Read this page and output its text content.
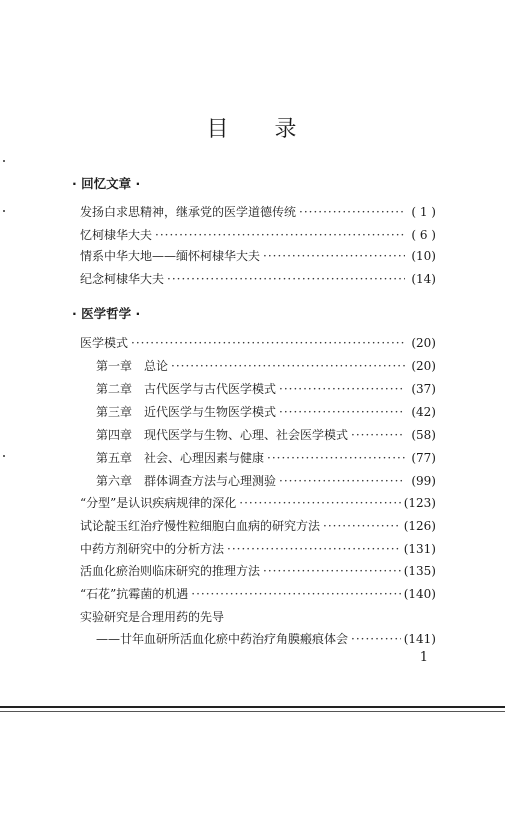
目 录
· 回忆文章 ·
发扬白求思精神，继承党的医学道德传统 ·····	( 1 )
忆柯棣华大夫 ·····	( 6 )
情系中华大地——缅怀柯棣华大夫 ·····	(10)
纪念柯棣华大夫 ·····	(14)
· 医学哲学 ·
医学模式 ·····	(20)
第一章 总论 ·····	(20)
第二章 古代医学与古代医学模式 ·····	(37)
第三章 近代医学与生物医学模式 ·····	(42)
第四章 现代医学与生物、心理、社会医学模式 ·····	(58)
第五章 社会、心理因素与健康 ·····	(77)
第六章 群体调查方法与心理测验 ·····	(99)
“分型”是认识疾病规律的深化 ·····	(123)
试论靛玉红治疗慢性粒细胞白血病的研究方法 ·····	(126)
中药方剂研究中的分析方法 ·····	(131)
活血化瘀治则临床研究的推理方法 ·····	(135)
“石花”抗霉菌的机遇 ·····	(140)
实验研究是合理用药的先导
——廿年血研所活血化瘀中药治疗角膜瘢痕体会 ·····	(141)
1
